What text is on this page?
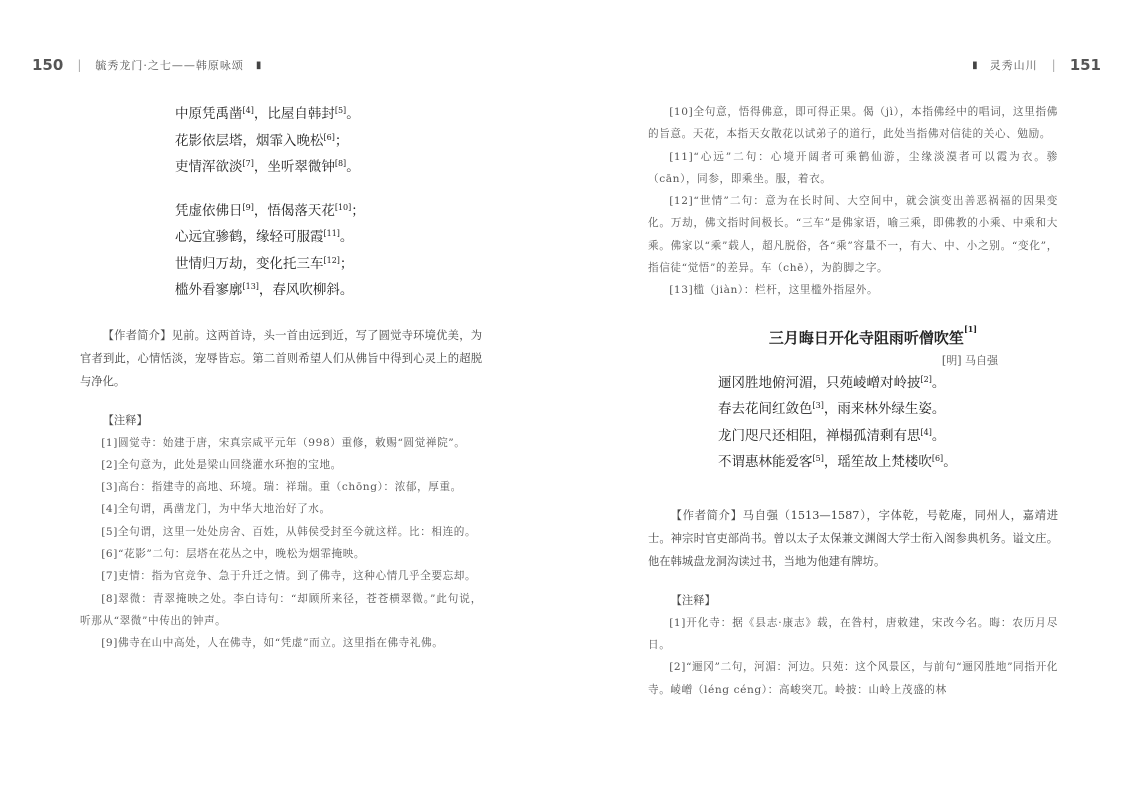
150 | 毓秀龙门·之七——韩原咏颂 ▮
中原凭禹凿[4]，比屋自韩封[5]。
花影依层塔，烟霏入晚松[6]；
吏情浑欲淡[7]，坐听翠微钟[8]。
凭虚依佛日[9]，悟偈落天花[10]；
心远宜骖鹤，缘轻可服霞[11]。
世情归万劫，变化托三车[12]；
槛外看寥廓[13]，春风吹柳斜。
【作者简介】见前。这两首诗，头一首由远到近，写了圆觉寺环境优美，为官者到此，心情恬淡，宠辱皆忘。第二首则希望人们从佛旨中得到心灵上的超脱与净化。
【注释】
[1]圆觉寺：始建于唐，宋真宗咸平元年（998）重修，敕赐“圆觉禅院”。
[2]全句意为，此处是梁山回绕灌水环抱的宝地。
[3]高台：指建寺的高地、环境。瑞：祥瑞。重（chōng）：浓郁，厚重。
[4]全句谓，禹凿龙门，为中华大地治好了水。
[5]全句谓，这里一处处房舍、百姓，从韩侯受封至今就这样。比：相连的。
[6]“花影”二句：层塔在花丛之中，晚松为烟霏掩映。
[7]吏情：指为官竞争、急于升迁之情。到了佛寺，这种心情几乎全要忘却。
[8]翠微：青翠掩映之处。李白诗句：“却顾所来径，苍苍横翠微。”此句说，听那从“翠微”中传出的钟声。
[9]佛寺在山中高处，人在佛寺，如“凭虚”而立。这里指在佛寺礼佛。
▮ 灵秀山川 | 151
[10]全句意，悟得佛意，即可得正果。偈（jì），本指佛经中的唱词，这里指佛的旨意。天花，本指天女散花以试弟子的道行，此处当指佛对信徒的关心、勉励。
[11]“心远”二句：心境开阔者可乘鹤仙游，尘缘淡漠者可以霞为衣。骖（cān），同参，即乘坐。服，着衣。
[12]“世情”二句：意为在长时间、大空间中，就会演变出善恶祸福的因果变化。万劫，佛文指时间极长。“三车”是佛家语，喻三乘，即佛教的小乘、中乘和大乘。佛家以“乘”载人，超凡脱俗，各“乘”容量不一，有大、中、小之别。“变化”，指信徒“觉悟”的差异。车（chē），为韵脚之字。
[13]槛（jiàn）：栏杆，这里槛外指屋外。
三月晦日开化寺阻雨听僧吹笙[1]
[明] 马自强
逦冈胜地俯河湄，只苑崚嶒对岭披[2]。
春去花间红敛色[3]，雨来林外绿生姿。
龙门咫尺还相阻，禅榻孤清剩有思[4]。
不谓惠林能爱客[5]，瑶笙故上梵楼吹[6]。
【作者简介】马自强（1513—1587），字体乾，号乾庵，同州人，嘉靖进士。神宗时官吏部尚书。曾以太子太保兼文渊阁大学士衔入阁参典机务。谥文庄。他在韩城盘龙洞沟读过书，当地为他建有牌坊。
【注释】
[1]开化寺：据《县志·康志》载，在昝村，唐敕建，宋改今名。晦：农历月尽日。
[2]“逦冈”二句，河湄：河边。只苑：这个风景区，与前句“逦冈胜地”同指开化寺。崚嶒（léng céng）：高峻突兀。岭披：山岭上茂盛的林
